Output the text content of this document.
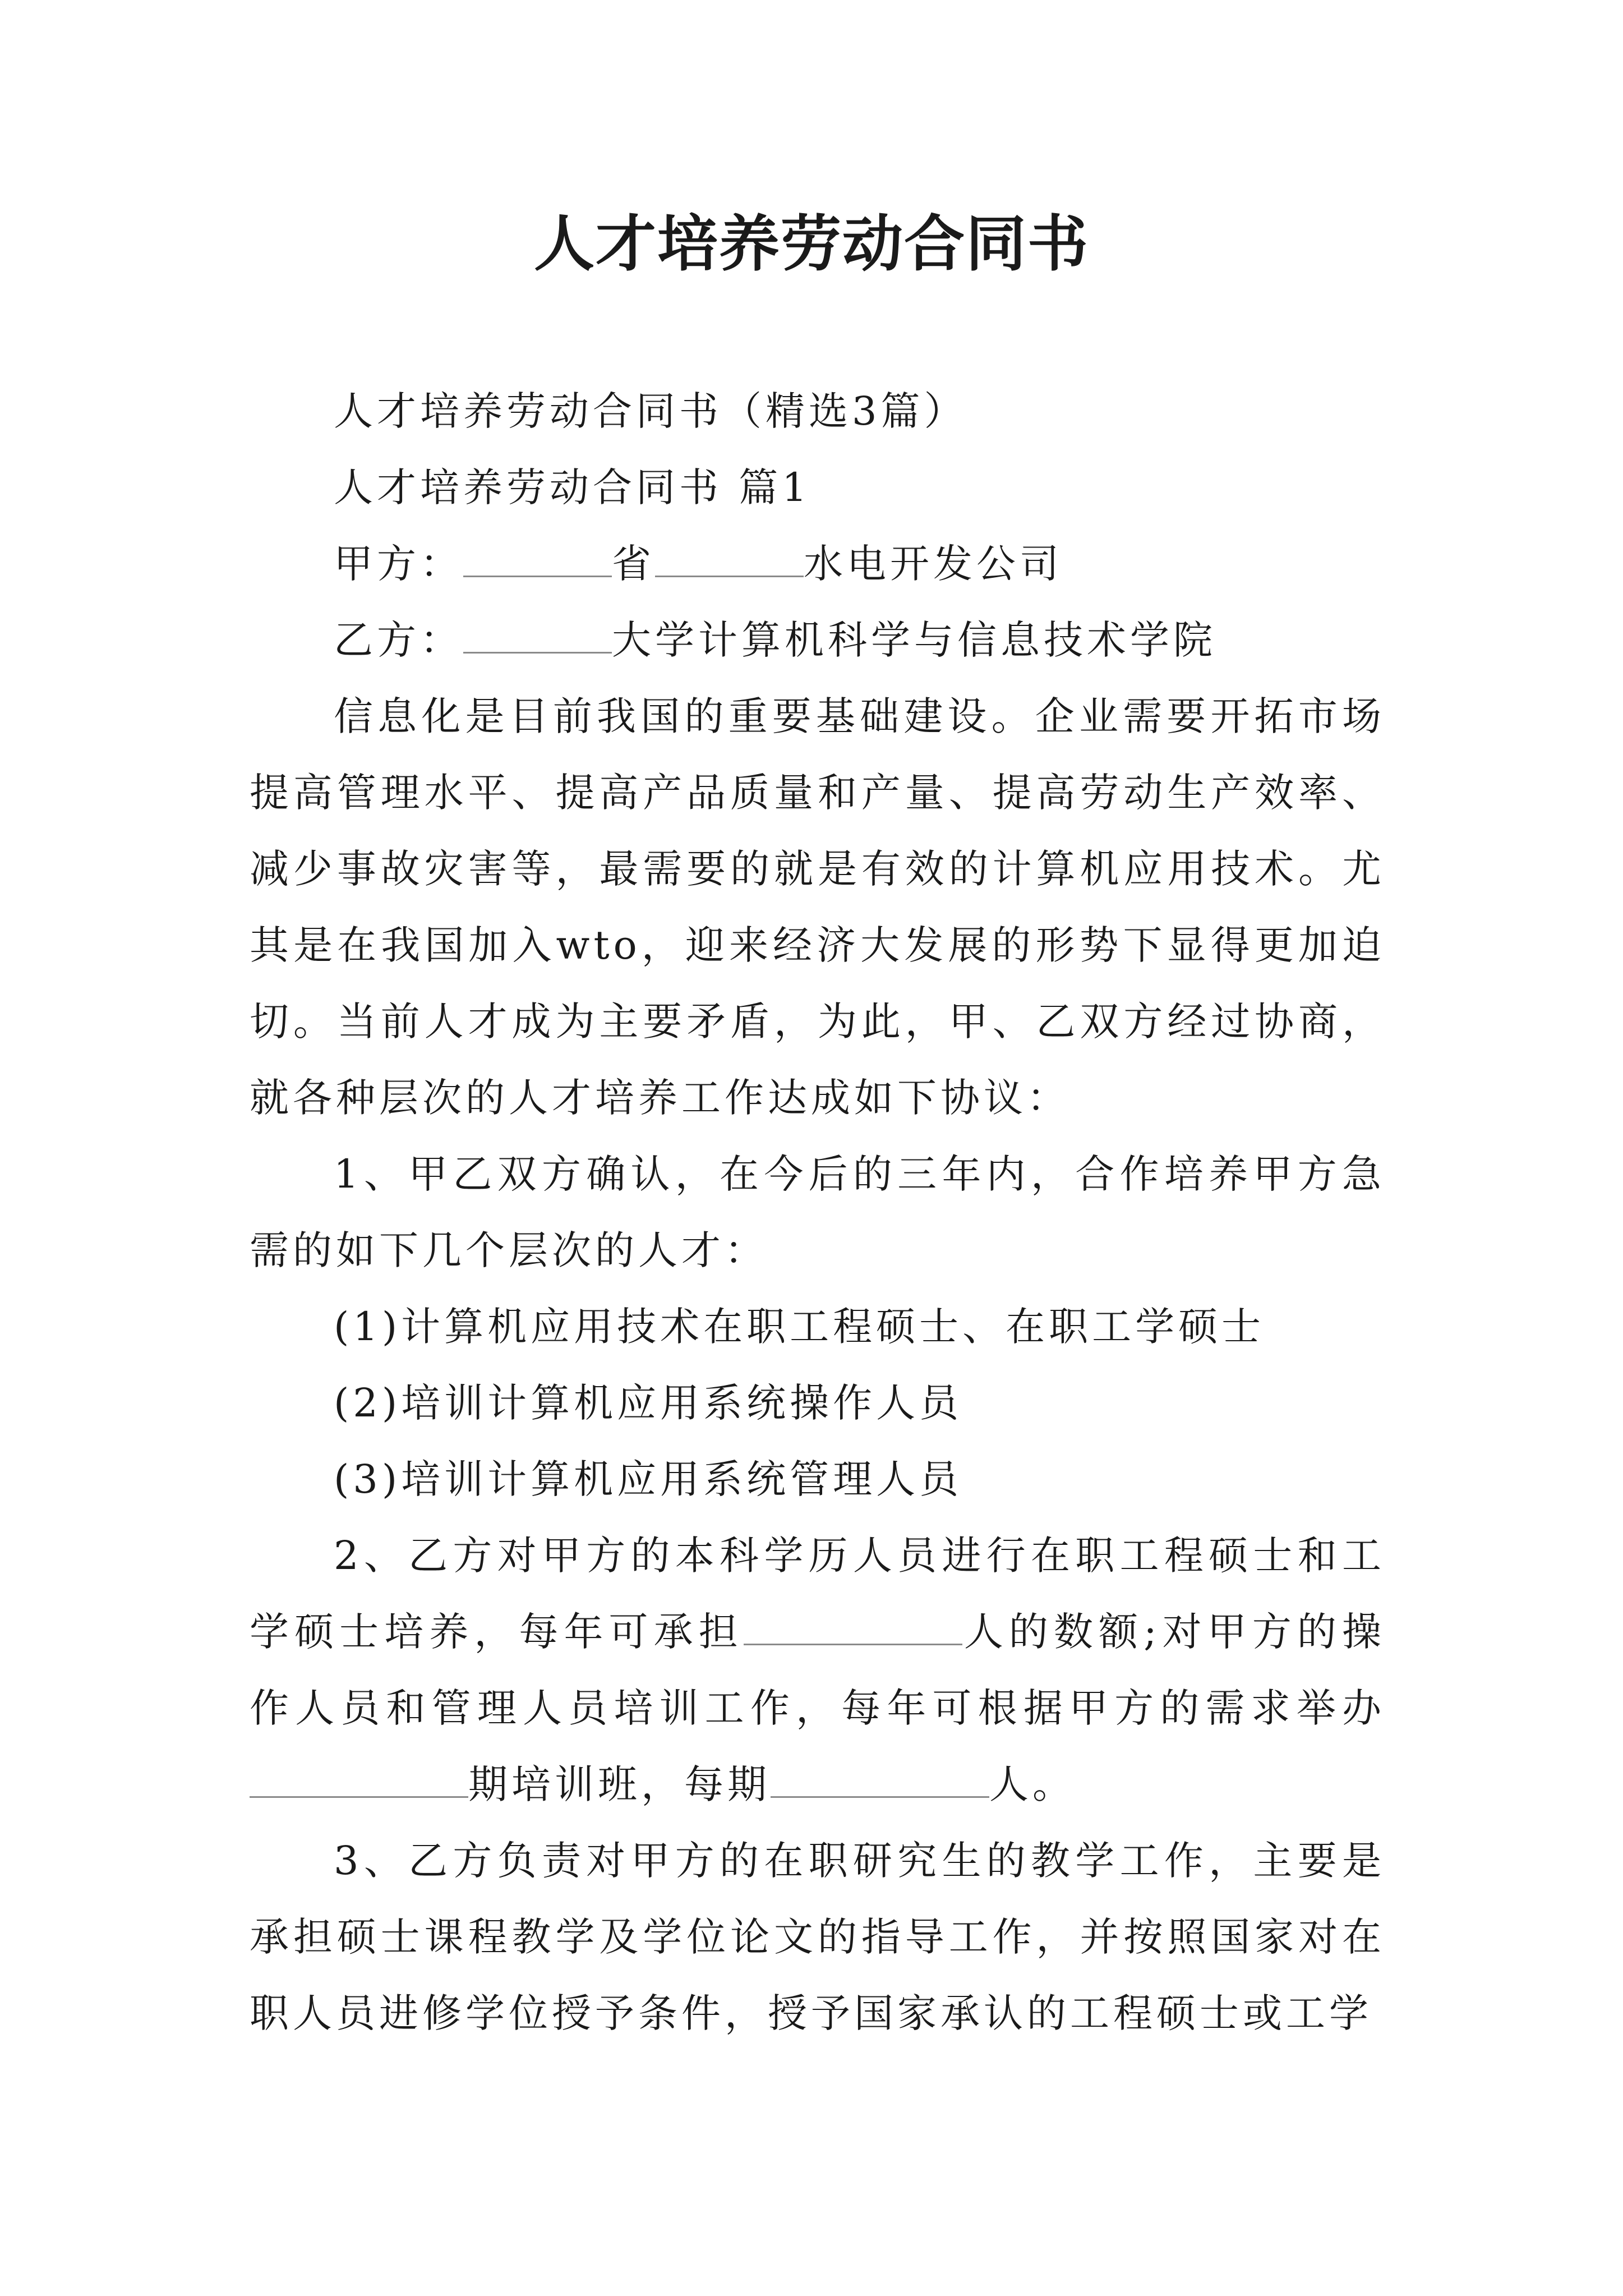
人才培养劳动合同书

人才培养劳动合同书（精选3篇）

人才培养劳动合同书 篇1

甲方：	省	水电开发公司

乙方：	大学计算机科学与信息技术学院

信息化是目前我国的重要基础建设。企业需要开拓市场提高管理水平、提高产品质量和产量、提高劳动生产效率、减少事故灾害等，最需要的就是有效的计算机应用技术。尤其是在我国加入wto，迎来经济大发展的形势下显得更加迫切。当前人才成为主要矛盾，为此，甲、乙双方经过协商，就各种层次的人才培养工作达成如下协议：

1、甲乙双方确认，在今后的三年内，合作培养甲方急需的如下几个层次的人才：

(1)计算机应用技术在职工程硕士、在职工学硕士

(2)培训计算机应用系统操作人员

(3)培训计算机应用系统管理人员

2、乙方对甲方的本科学历人员进行在职工程硕士和工学硕士培养，每年可承担	人的数额;对甲方的操作人员和管理人员培训工作，每年可根据甲方的需求举办期培训班，每期	人。

3、乙方负责对甲方的在职研究生的教学工作，主要是承担硕士课程教学及学位论文的指导工作，并按照国家对在职人员进修学位授予条件，授予国家承认的工程硕士或工学
